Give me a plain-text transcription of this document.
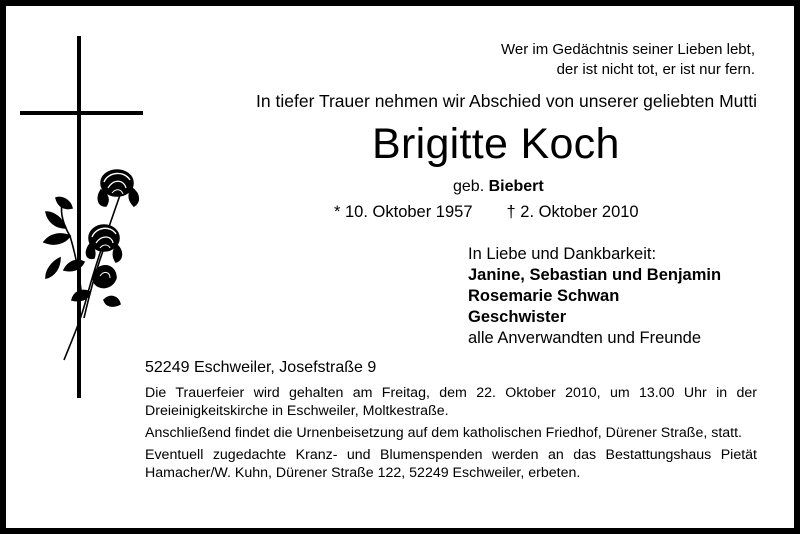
Wer im Gedächtnis seiner Lieben lebt,
der ist nicht tot, er ist nur fern.
In tiefer Trauer nehmen wir Abschied von unserer geliebten Mutti
Brigitte Koch
geb. Biebert
* 10. Oktober 1957 † 2. Oktober 2010
In Liebe und Dankbarkeit:
Janine, Sebastian und Benjamin
Rosemarie Schwan
Geschwister
alle Anverwandten und Freunde
52249 Eschweiler, Josefstraße 9

Die Trauerfeier wird gehalten am Freitag, dem 22. Oktober 2010, um 13.00 Uhr in der Dreieinigkeitskirche in Eschweiler, Moltkestraße.

Anschließend findet die Urnenbeisetzung auf dem katholischen Friedhof, Dürener Straße, statt.

Eventuell zugedachte Kranz- und Blumenspenden werden an das Bestattungshaus Pietät Hamacher/W. Kuhn, Dürener Straße 122, 52249 Eschweiler, erbeten.
